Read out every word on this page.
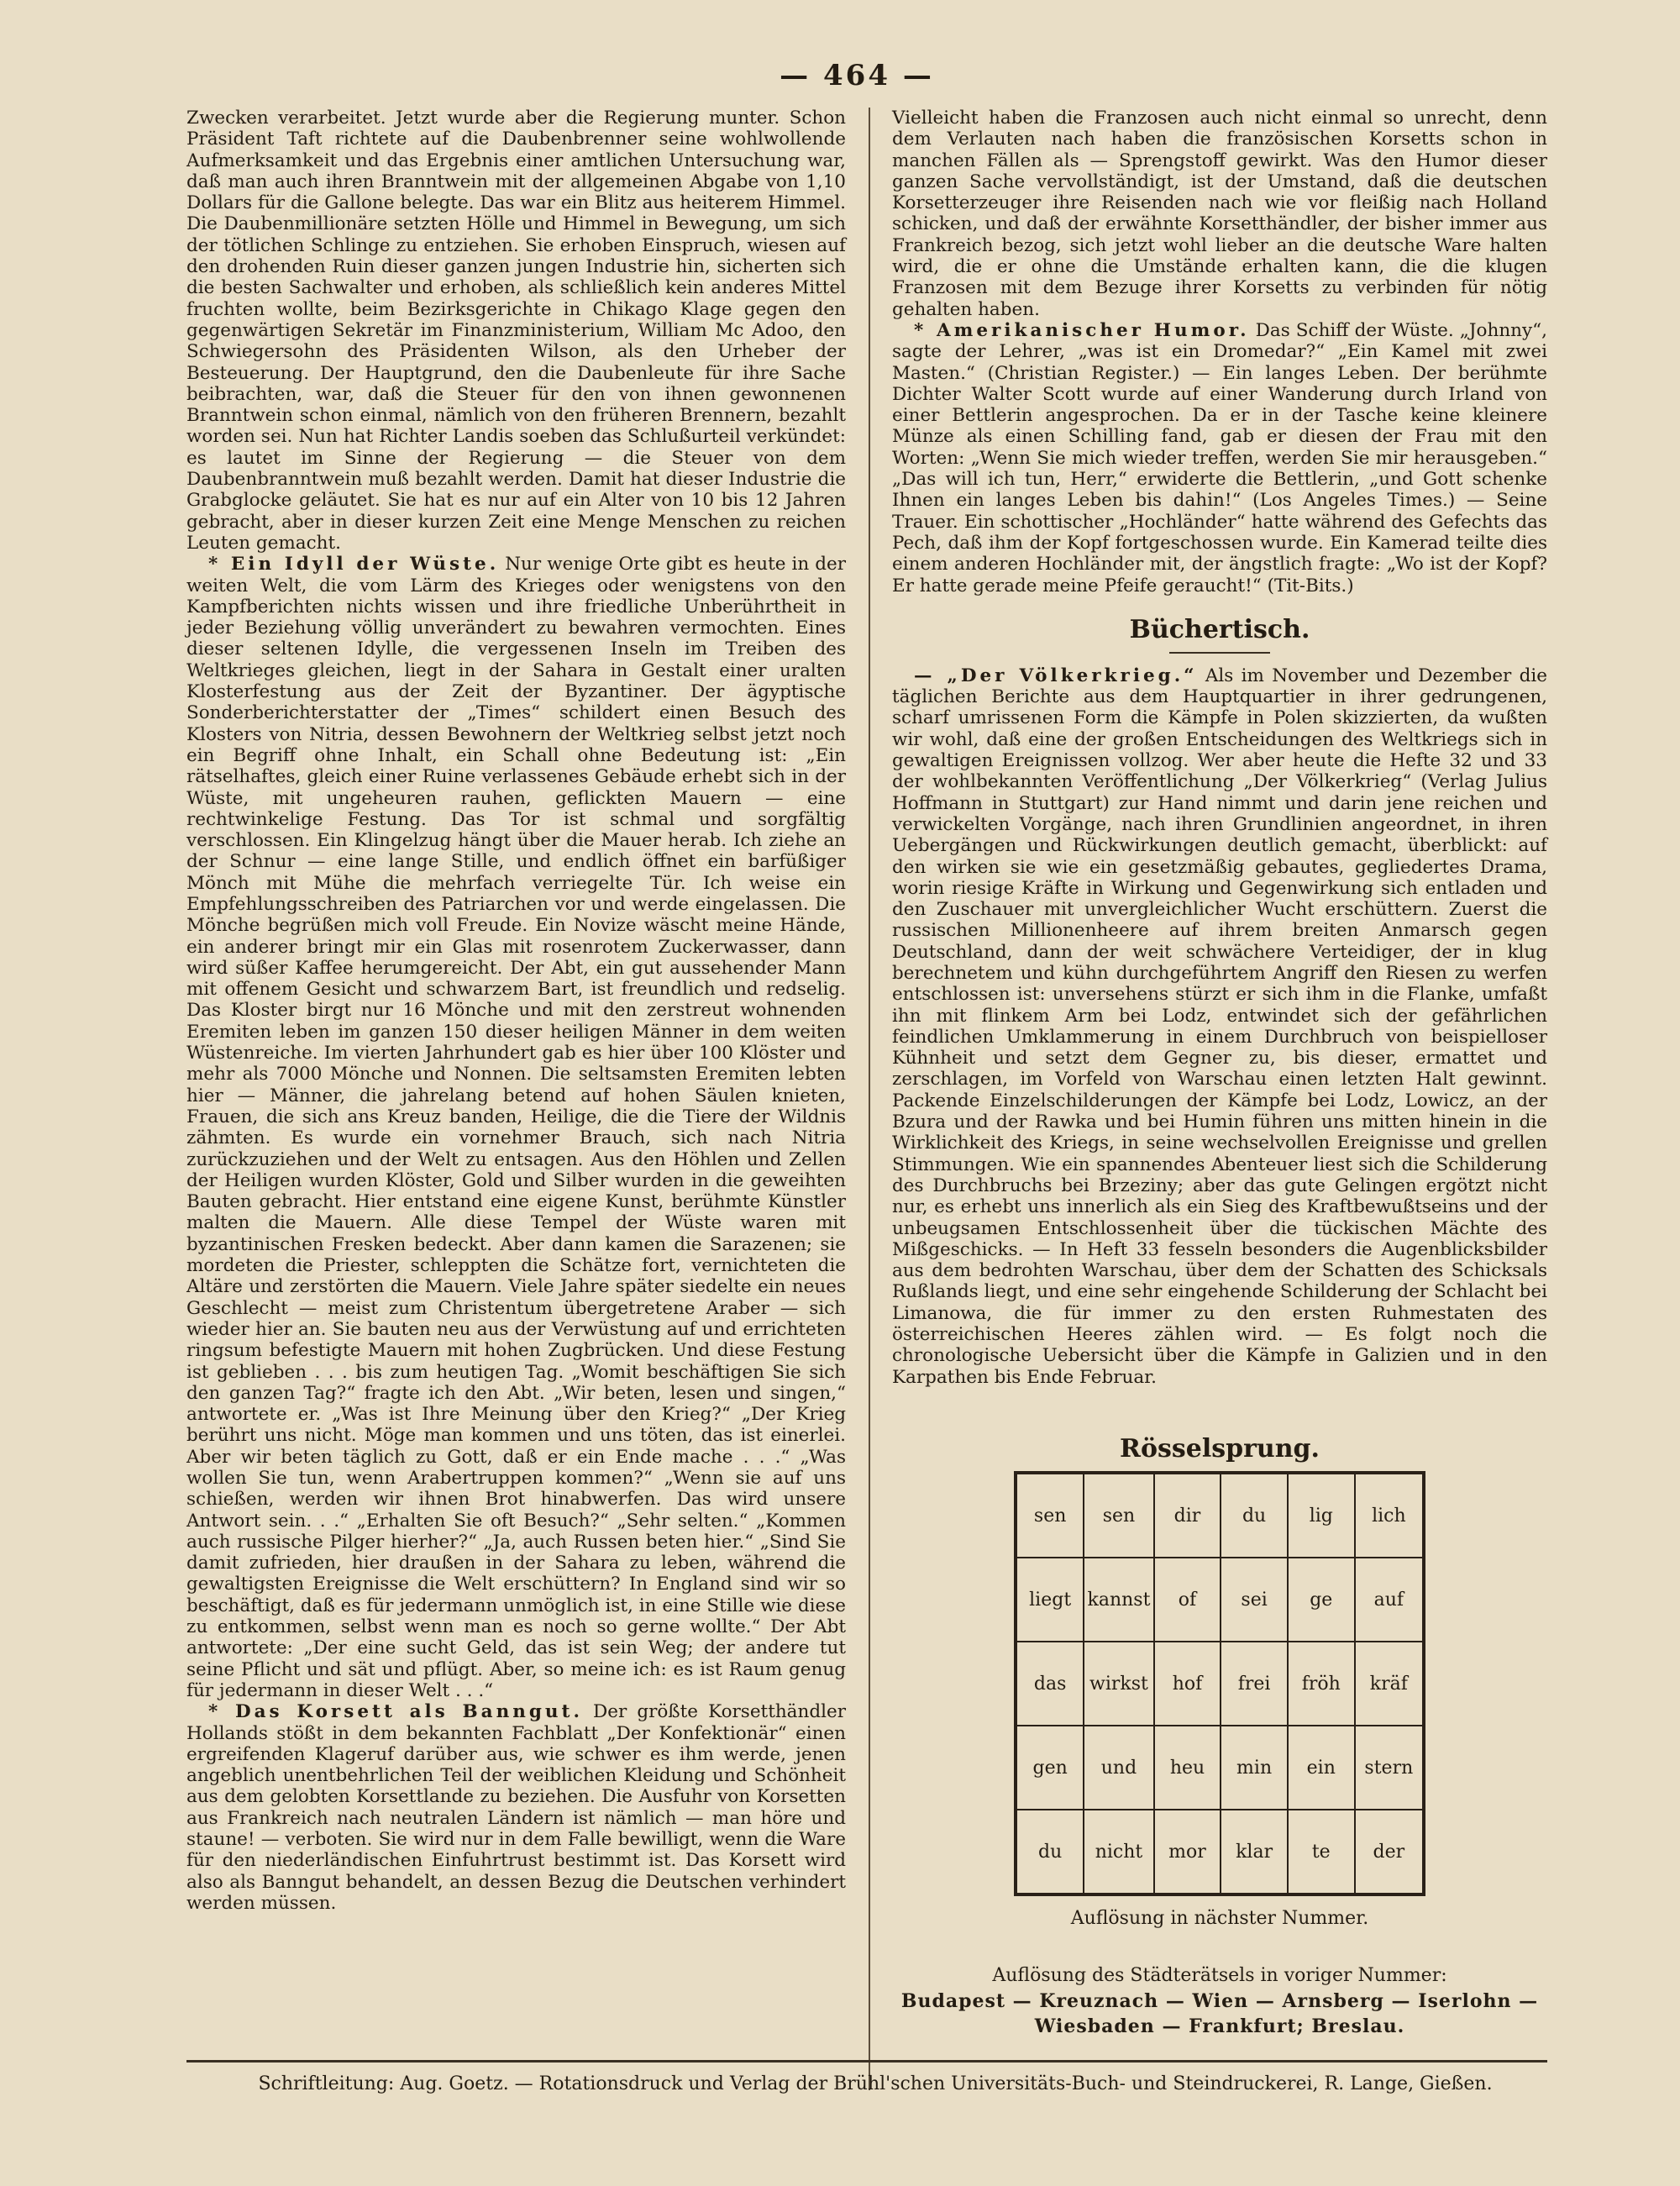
— 464 —

Zwecken verarbeitet. Jetzt wurde aber die Regierung munter. Schon Präsident Taft richtete auf die Daubenbrenner seine wohlwollende Aufmerksamkeit und das Ergebnis einer amtlichen Untersuchung war, daß man auch ihren Branntwein mit der allgemeinen Abgabe von 1,10 Dollars für die Gallone belegte. Das war ein Blitz aus heiterem Himmel. Die Daubenmillionäre setzten Hölle und Himmel in Bewegung, um sich der tötlichen Schlinge zu entziehen. Sie erhoben Einspruch, wiesen auf den drohenden Ruin dieser ganzen jungen Industrie hin, sicherten sich die besten Sachwalter und erhoben, als schließlich kein anderes Mittel fruchten wollte, beim Bezirksgerichte in Chikago Klage gegen den gegenwärtigen Sekretär im Finanzministerium, William Mc Adoo, den Schwiegersohn des Präsidenten Wilson, als den Urheber der Besteuerung. Der Hauptgrund, den die Daubenleute für ihre Sache beibrachten, war, daß die Steuer für den von ihnen gewonnenen Branntwein schon einmal, nämlich von den früheren Brennern, bezahlt worden sei. Nun hat Richter Landis soeben das Schlußurteil verkündet: es lautet im Sinne der Regierung — die Steuer von dem Daubenbranntwein muß bezahlt werden. Damit hat dieser Industrie die Grabglocke geläutet. Sie hat es nur auf ein Alter von 10 bis 12 Jahren gebracht, aber in dieser kurzen Zeit eine Menge Menschen zu reichen Leuten gemacht.

* Ein Idyll der Wüste. Nur wenige Orte gibt es heute in der weiten Welt, die vom Lärm des Krieges oder wenigstens von den Kampfberichten nichts wissen und ihre friedliche Unberührtheit in jeder Beziehung völlig unverändert zu bewahren vermochten. Eines dieser seltenen Idylle, die vergessenen Inseln im Treiben des Weltkrieges gleichen, liegt in der Sahara in Gestalt einer uralten Klosterfestung aus der Zeit der Byzantiner. Der ägyptische Sonderberichterstatter der „Times“ schildert einen Besuch des Klosters von Nitria, dessen Bewohnern der Weltkrieg selbst jetzt noch ein Begriff ohne Inhalt, ein Schall ohne Bedeutung ist: „Ein rätselhaftes, gleich einer Ruine verlassenes Gebäude erhebt sich in der Wüste, mit ungeheuren rauhen, geflickten Mauern — eine rechtwinkelige Festung. Das Tor ist schmal und sorgfältig verschlossen. Ein Klingelzug hängt über die Mauer herab. Ich ziehe an der Schnur — eine lange Stille, und endlich öffnet ein barfüßiger Mönch mit Mühe die mehrfach verriegelte Tür. Ich weise ein Empfehlungsschreiben des Patriarchen vor und werde eingelassen. Die Mönche begrüßen mich voll Freude. Ein Novize wäscht meine Hände, ein anderer bringt mir ein Glas mit rosenrotem Zuckerwasser, dann wird süßer Kaffee herumgereicht. Der Abt, ein gut aussehender Mann mit offenem Gesicht und schwarzem Bart, ist freundlich und redselig. Das Kloster birgt nur 16 Mönche und mit den zerstreut wohnenden Eremiten leben im ganzen 150 dieser heiligen Männer in dem weiten Wüstenreiche. Im vierten Jahrhundert gab es hier über 100 Klöster und mehr als 7000 Mönche und Nonnen. Die seltsamsten Eremiten lebten hier — Männer, die jahrelang betend auf hohen Säulen knieten, Frauen, die sich ans Kreuz banden, Heilige, die die Tiere der Wildnis zähmten. Es wurde ein vornehmer Brauch, sich nach Nitria zurückzuziehen und der Welt zu entsagen. Aus den Höhlen und Zellen der Heiligen wurden Klöster, Gold und Silber wurden in die geweihten Bauten gebracht. Hier entstand eine eigene Kunst, berühmte Künstler malten die Mauern. Alle diese Tempel der Wüste waren mit byzantinischen Fresken bedeckt. Aber dann kamen die Sarazenen; sie mordeten die Priester, schleppten die Schätze fort, vernichteten die Altäre und zerstörten die Mauern. Viele Jahre später siedelte ein neues Geschlecht — meist zum Christentum übergetretene Araber — sich wieder hier an. Sie bauten neu aus der Verwüstung auf und errichteten ringsum befestigte Mauern mit hohen Zugbrücken. Und diese Festung ist geblieben . . . bis zum heutigen Tag. „Womit beschäftigen Sie sich den ganzen Tag?“ fragte ich den Abt. „Wir beten, lesen und singen,“ antwortete er. „Was ist Ihre Meinung über den Krieg?“ „Der Krieg berührt uns nicht. Möge man kommen und uns töten, das ist einerlei. Aber wir beten täglich zu Gott, daß er ein Ende mache . . .“ „Was wollen Sie tun, wenn Arabertruppen kommen?“ „Wenn sie auf uns schießen, werden wir ihnen Brot hinabwerfen. Das wird unsere Antwort sein. . .“ „Erhalten Sie oft Besuch?“ „Sehr selten.“ „Kommen auch russische Pilger hierher?“ „Ja, auch Russen beten hier.“ „Sind Sie damit zufrieden, hier draußen in der Sahara zu leben, während die gewaltigsten Ereignisse die Welt erschüttern? In England sind wir so beschäftigt, daß es für jedermann unmöglich ist, in eine Stille wie diese zu entkommen, selbst wenn man es noch so gerne wollte.“ Der Abt antwortete: „Der eine sucht Geld, das ist sein Weg; der andere tut seine Pflicht und sät und pflügt. Aber, so meine ich: es ist Raum genug für jedermann in dieser Welt . . .“

* Das Korsett als Banngut. Der größte Korsetthändler Hollands stößt in dem bekannten Fachblatt „Der Konfektionär“ einen ergreifenden Klageruf darüber aus, wie schwer es ihm werde, jenen angeblich unentbehrlichen Teil der weiblichen Kleidung und Schönheit aus dem gelobten Korsettlande zu beziehen. Die Ausfuhr von Korsetten aus Frankreich nach neutralen Ländern ist nämlich — man höre und staune! — verboten. Sie wird nur in dem Falle bewilligt, wenn die Ware für den niederländischen Einfuhrtrust bestimmt ist. Das Korsett wird also als Banngut behandelt, an dessen Bezug die Deutschen verhindert werden müssen.

Vielleicht haben die Franzosen auch nicht einmal so unrecht, denn dem Verlauten nach haben die französischen Korsetts schon in manchen Fällen als — Sprengstoff gewirkt. Was den Humor dieser ganzen Sache vervollständigt, ist der Umstand, daß die deutschen Korsetterzeuger ihre Reisenden nach wie vor fleißig nach Holland schicken, und daß der erwähnte Korsetthändler, der bisher immer aus Frankreich bezog, sich jetzt wohl lieber an die deutsche Ware halten wird, die er ohne die Umstände erhalten kann, die die klugen Franzosen mit dem Bezuge ihrer Korsetts zu verbinden für nötig gehalten haben.

* Amerikanischer Humor. Das Schiff der Wüste. „Johnny“, sagte der Lehrer, „was ist ein Dromedar?“ „Ein Kamel mit zwei Masten.“ (Christian Register.) — Ein langes Leben. Der berühmte Dichter Walter Scott wurde auf einer Wanderung durch Irland von einer Bettlerin angesprochen. Da er in der Tasche keine kleinere Münze als einen Schilling fand, gab er diesen der Frau mit den Worten: „Wenn Sie mich wieder treffen, werden Sie mir herausgeben.“ „Das will ich tun, Herr,“ erwiderte die Bettlerin, „und Gott schenke Ihnen ein langes Leben bis dahin!“ (Los Angeles Times.) — Seine Trauer. Ein schottischer „Hochländer“ hatte während des Gefechts das Pech, daß ihm der Kopf fortgeschossen wurde. Ein Kamerad teilte dies einem anderen Hochländer mit, der ängstlich fragte: „Wo ist der Kopf? Er hatte gerade meine Pfeife geraucht!“ (Tit-Bits.)

Büchertisch.

— „Der Völkerkrieg.“ Als im November und Dezember die täglichen Berichte aus dem Hauptquartier in ihrer gedrungenen, scharf umrissenen Form die Kämpfe in Polen skizzierten, da wußten wir wohl, daß eine der großen Entscheidungen des Weltkriegs sich in gewaltigen Ereignissen vollzog. Wer aber heute die Hefte 32 und 33 der wohlbekannten Veröffentlichung „Der Völkerkrieg“ (Verlag Julius Hoffmann in Stuttgart) zur Hand nimmt und darin jene reichen und verwickelten Vorgänge, nach ihren Grundlinien angeordnet, in ihren Uebergängen und Rückwirkungen deutlich gemacht, überblickt: auf den wirken sie wie ein gesetzmäßig gebautes, gegliedertes Drama, worin riesige Kräfte in Wirkung und Gegenwirkung sich entladen und den Zuschauer mit unvergleichlicher Wucht erschüttern. Zuerst die russischen Millionenheere auf ihrem breiten Anmarsch gegen Deutschland, dann der weit schwächere Verteidiger, der in klug berechnetem und kühn durchgeführtem Angriff den Riesen zu werfen entschlossen ist: unversehens stürzt er sich ihm in die Flanke, umfaßt ihn mit flinkem Arm bei Lodz, entwindet sich der gefährlichen feindlichen Umklammerung in einem Durchbruch von beispielloser Kühnheit und setzt dem Gegner zu, bis dieser, ermattet und zerschlagen, im Vorfeld von Warschau einen letzten Halt gewinnt. Packende Einzelschilderungen der Kämpfe bei Lodz, Lowicz, an der Bzura und der Rawka und bei Humin führen uns mitten hinein in die Wirklichkeit des Kriegs, in seine wechselvollen Ereignisse und grellen Stimmungen. Wie ein spannendes Abenteuer liest sich die Schilderung des Durchbruchs bei Brzeziny; aber das gute Gelingen ergötzt nicht nur, es erhebt uns innerlich als ein Sieg des Kraftbewußtseins und der unbeugsamen Entschlossenheit über die tückischen Mächte des Mißgeschicks. — In Heft 33 fesseln besonders die Augenblicksbilder aus dem bedrohten Warschau, über dem der Schatten des Schicksals Rußlands liegt, und eine sehr eingehende Schilderung der Schlacht bei Limanowa, die für immer zu den ersten Ruhmestaten des österreichischen Heeres zählen wird. — Es folgt noch die chronologische Uebersicht über die Kämpfe in Galizien und in den Karpathen bis Ende Februar.

Rösselsprung.
sen	sen	dir	du	lig	lich
liegt	kannst	of	sei	ge	auf
das	wirkst	hof	frei	fröh	kräf
gen	und	heu	min	ein	stern
du	nicht	mor	klar	te	der
Auflösung in nächster Nummer.
Auflösung des Städterätsels in voriger Nummer:
Budapest — Kreuznach — Wien — Arnsberg — Iserlohn —
Wiesbaden — Frankfurt; Breslau.
Schriftleitung: Aug. Goetz. — Rotationsdruck und Verlag der Brühl'schen Universitäts-Buch- und Steindruckerei, R. Lange, Gießen.
